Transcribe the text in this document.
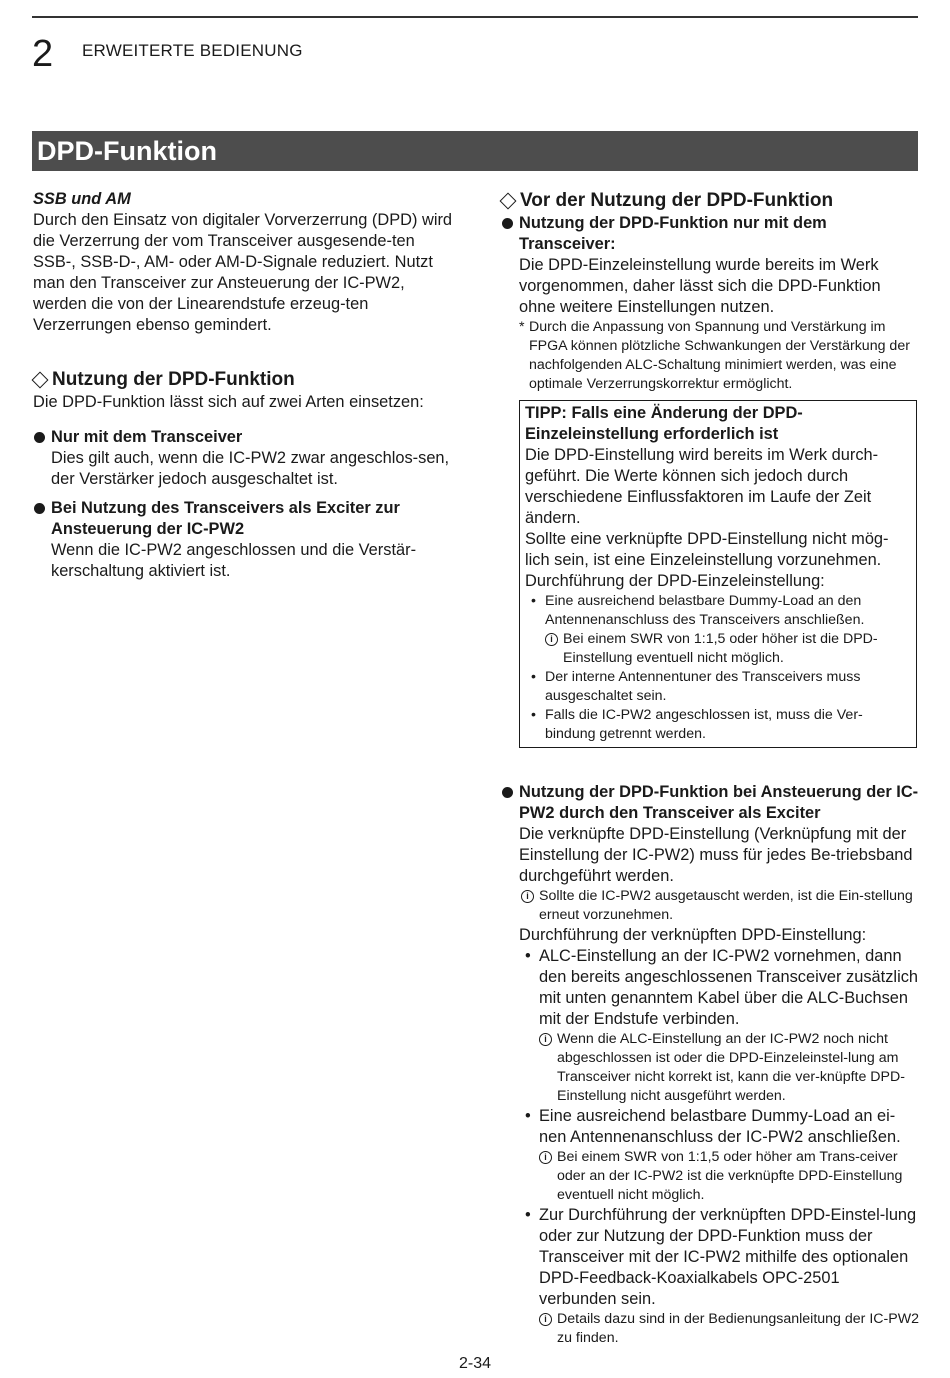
2 ERWEITERTE BEDIENUNG
DPD-Funktion
SSB und AM
Durch den Einsatz von digitaler Vorverzerrung (DPD) wird die Verzerrung der vom Transceiver ausgesende-ten SSB-, SSB-D-, AM- oder AM-D-Signale reduziert. Nutzt man den Transceiver zur Ansteuerung der IC-PW2, werden die von der Linearendstufe erzeug-ten Verzerrungen ebenso gemindert.
Nutzung der DPD-Funktion
Die DPD-Funktion lässt sich auf zwei Arten einsetzen:
Nur mit dem Transceiver
Dies gilt auch, wenn die IC-PW2 zwar angeschlos-sen, der Verstärker jedoch ausgeschaltet ist.
Bei Nutzung des Transceivers als Exciter zur Ansteuerung der IC-PW2
Wenn die IC-PW2 angeschlossen und die Verstär-kerschaltung aktiviert ist.
Vor der Nutzung der DPD-Funktion
Nutzung der DPD-Funktion nur mit dem Transceiver:
Die DPD-Einzeleinstellung wurde bereits im Werk vorgenommen, daher lässt sich die DPD-Funktion ohne weitere Einstellungen nutzen.
* Durch die Anpassung von Spannung und Verstärkung im FPGA können plötzliche Schwankungen der Verstärkung der nachfolgenden ALC-Schaltung minimiert werden, was eine optimale Verzerrungskorrektur ermöglicht.
TIPP: Falls eine Änderung der DPD-Einzeleinstellung erforderlich ist
Die DPD-Einstellung wird bereits im Werk durch-geführt. Die Werte können sich jedoch durch verschiedene Einflussfaktoren im Laufe der Zeit ändern.
Sollte eine verknüpfte DPD-Einstellung nicht mög-lich sein, ist eine Einzeleinstellung vorzunehmen.
Durchführung der DPD-Einzeleinstellung:
• Eine ausreichend belastbare Dummy-Load an den Antennenanschluss des Transceivers anschließen.
i Bei einem SWR von 1:1,5 oder höher ist die DPD-Einstellung eventuell nicht möglich.
• Der interne Antennentuner des Transceivers muss ausgeschaltet sein.
• Falls die IC-PW2 angeschlossen ist, muss die Ver-bindung getrennt werden.
Nutzung der DPD-Funktion bei Ansteuerung der IC-PW2 durch den Transceiver als Exciter
Die verknüpfte DPD-Einstellung (Verknüpfung mit der Einstellung der IC-PW2) muss für jedes Be-triebsband durchgeführt werden.
i Sollte die IC-PW2 ausgetauscht werden, ist die Ein-stellung erneut vorzunehmen.
Durchführung der verknüpften DPD-Einstellung:
• ALC-Einstellung an der IC-PW2 vornehmen, dann den bereits angeschlossenen Transceiver zusätzlich mit unten genanntem Kabel über die ALC-Buchsen mit der Endstufe verbinden.
i Wenn die ALC-Einstellung an der IC-PW2 noch nicht abgeschlossen ist oder die DPD-Einzeleinstel-lung am Transceiver nicht korrekt ist, kann die ver-knüpfte DPD-Einstellung nicht ausgeführt werden.
• Eine ausreichend belastbare Dummy-Load an ei-nen Antennenanschluss der IC-PW2 anschließen.
i Bei einem SWR von 1:1,5 oder höher am Trans-ceiver oder an der IC-PW2 ist die verknüpfte DPD-Einstellung eventuell nicht möglich.
• Zur Durchführung der verknüpften DPD-Einstel-lung oder zur Nutzung der DPD-Funktion muss der Transceiver mit der IC-PW2 mithilfe des optionalen DPD-Feedback-Koaxialkabels OPC-2501 verbunden sein.
i Details dazu sind in der Bedienungsanleitung der IC-PW2 zu finden.
2-34
